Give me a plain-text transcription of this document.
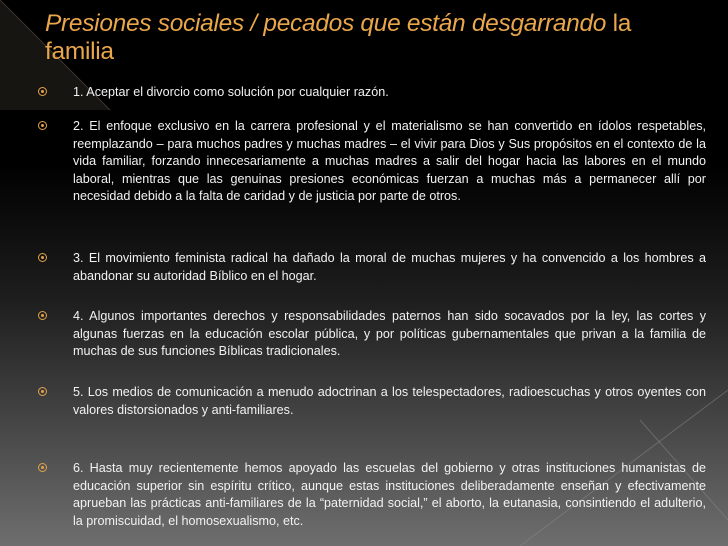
Presiones sociales / pecados que están desgarrando la familia
1. Aceptar el divorcio como solución por cualquier razón.
2. El enfoque exclusivo en la carrera profesional y el materialismo se han convertido en ídolos respetables, reemplazando – para muchos padres y muchas madres – el vivir para Dios y Sus propósitos en el contexto de la vida familiar, forzando innecesariamente a muchas madres a salir del hogar hacia las labores en el mundo laboral, mientras que las genuinas presiones económicas fuerzan a muchas más a permanecer allí por necesidad debido a la falta de caridad y de justicia por parte de otros.
3. El movimiento feminista radical ha dañado la moral de muchas mujeres y ha convencido a los hombres a abandonar su autoridad Bíblico en el hogar.
4. Algunos importantes derechos y responsabilidades paternos han sido socavados por la ley, las cortes y algunas fuerzas en la educación escolar pública, y por políticas gubernamentales que privan a la familia de muchas de sus funciones Bíblicas tradicionales.
5. Los medios de comunicación a menudo adoctrinan a los telespectadores, radioescuchas y otros oyentes con valores distorsionados y anti-familiares.
6. Hasta muy recientemente hemos apoyado las escuelas del gobierno y otras instituciones humanistas de educación superior sin espíritu crítico, aunque estas instituciones deliberadamente enseñan y efectivamente aprueban las prácticas anti-familiares de la “paternidad social,” el aborto, la eutanasia, consintiendo el adulterio, la promiscuidad, el homosexualismo, etc.
